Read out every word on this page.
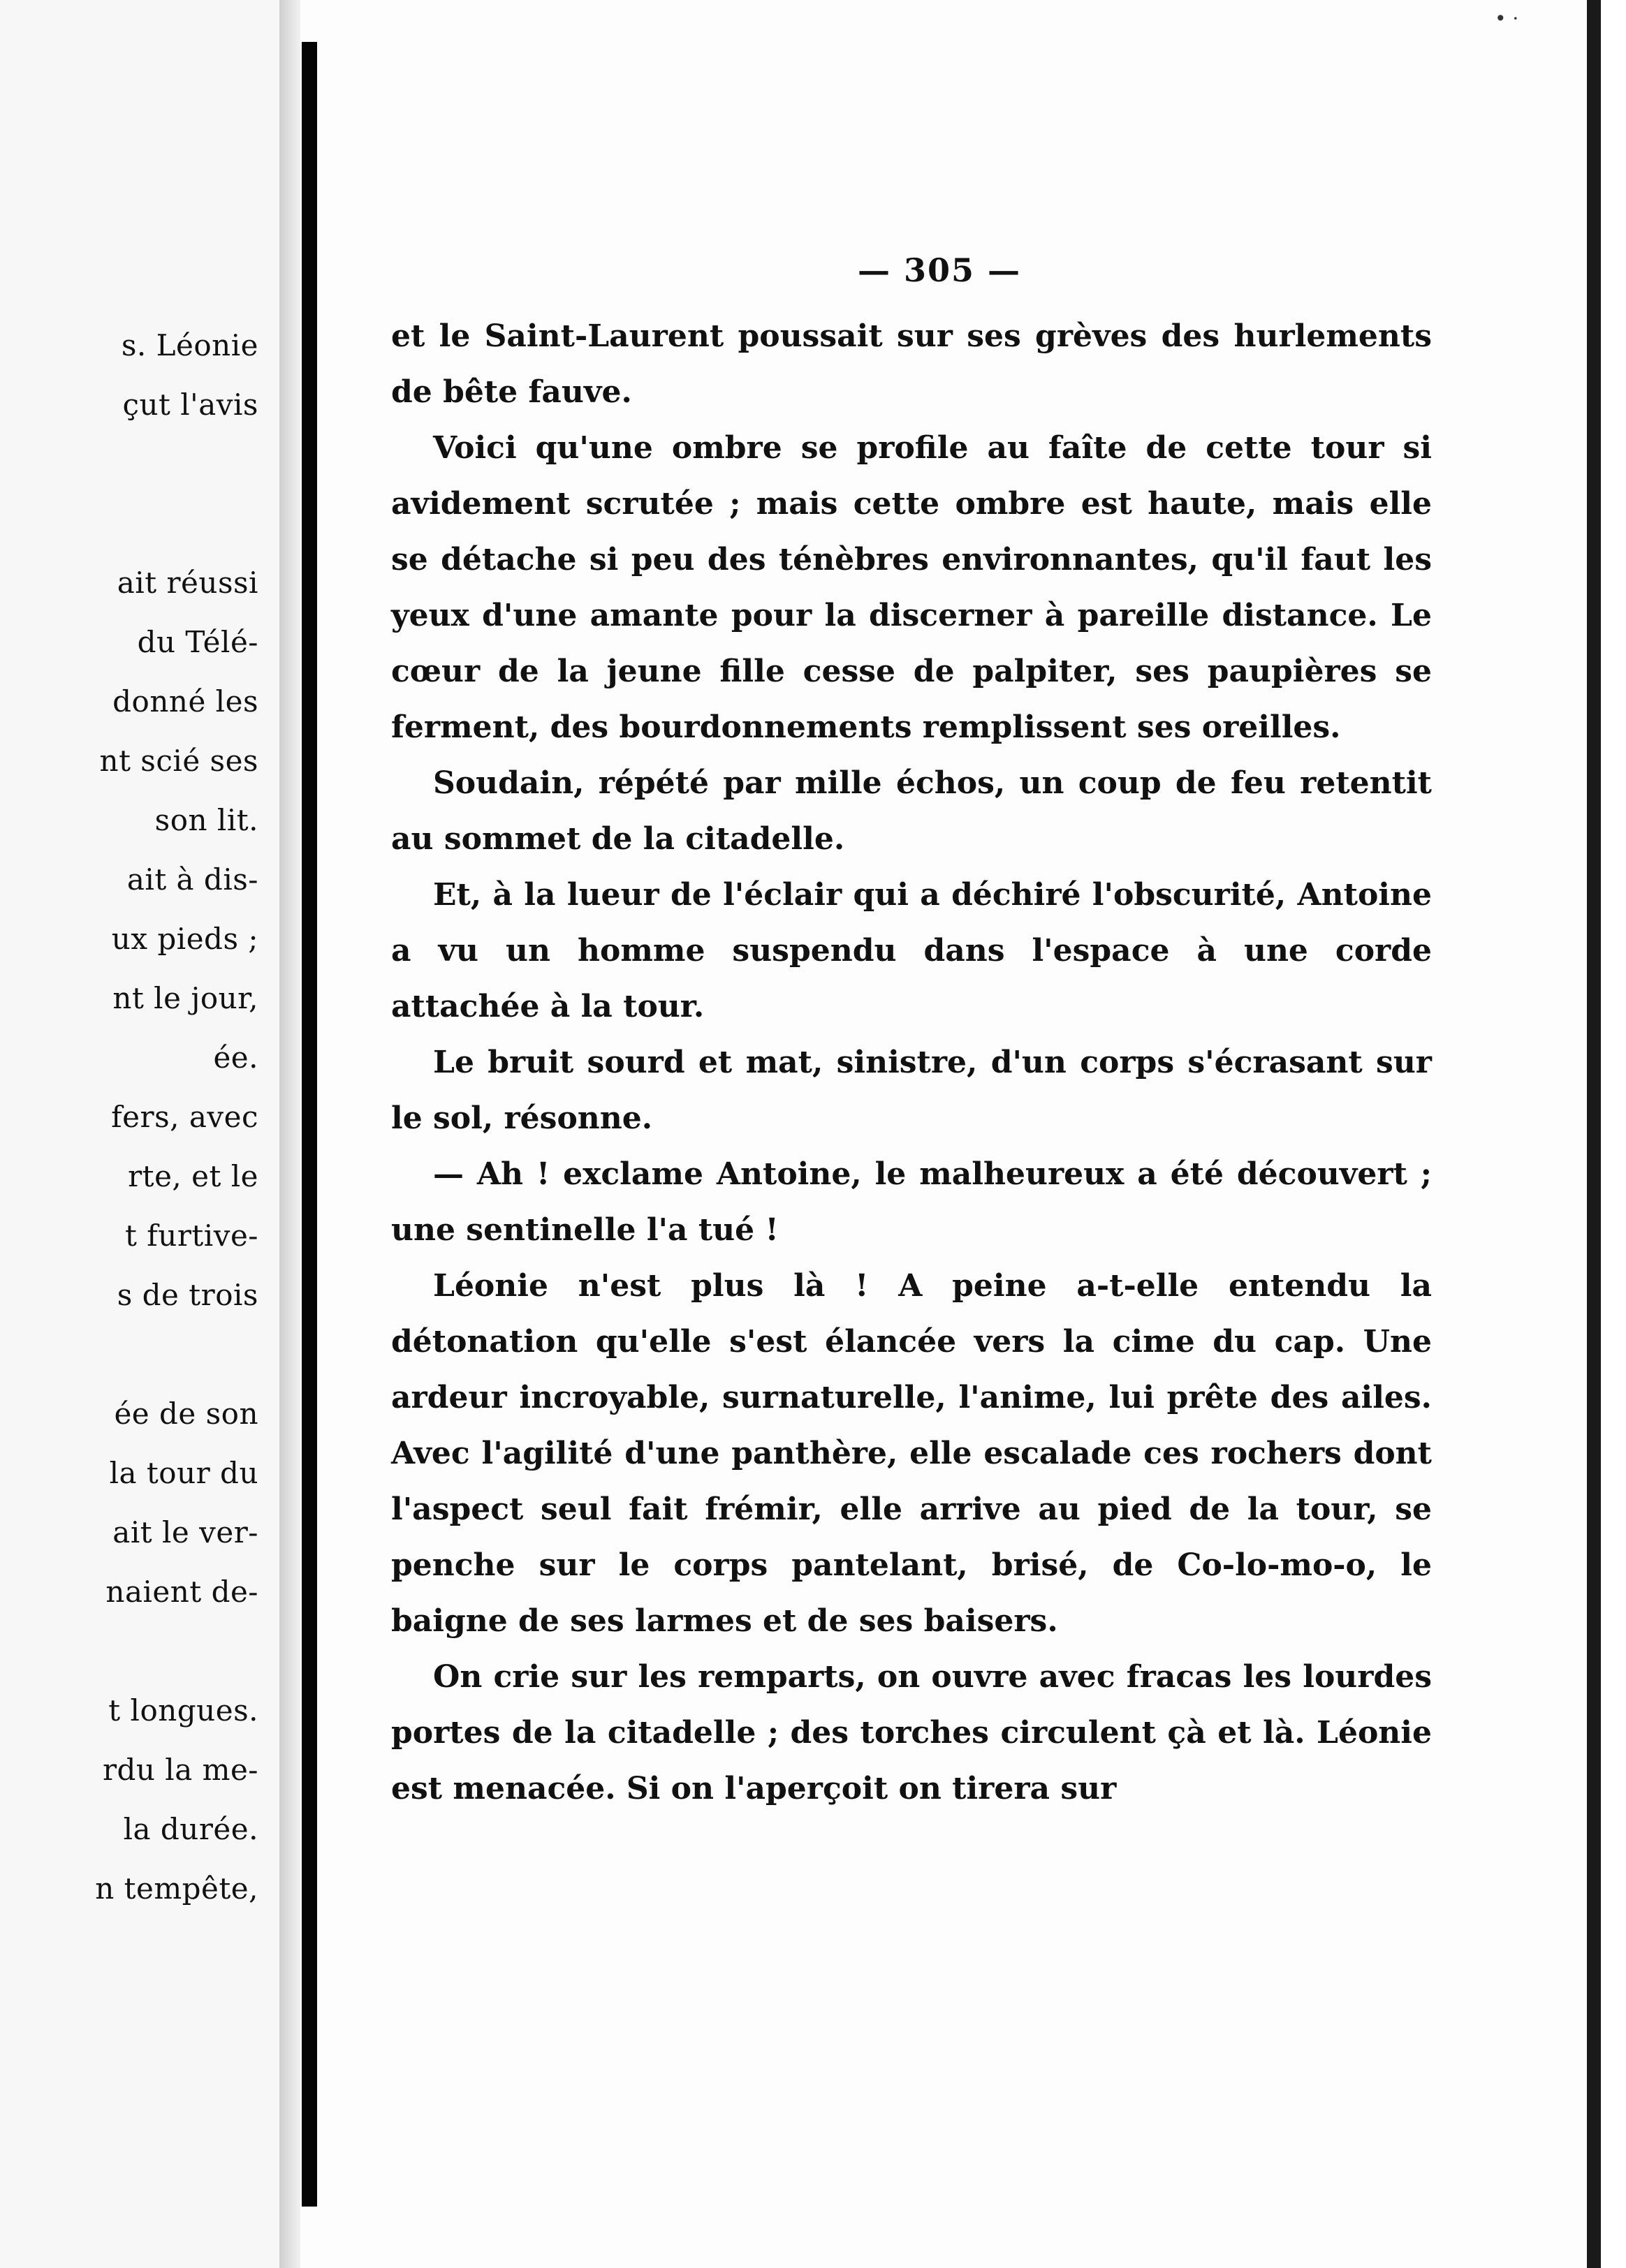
s. Léonie
çut l'avis
ait réussi
du Télé-
donné les
nt scié ses
son lit.
ait à dis-
ux pieds ;
nt le jour,
ée.
fers, avec
rte, et le
t furtive-
s de trois
ée de son
la tour du
ait le ver-
naient de-
t longues.
rdu la me-
la durée.
n tempête,
• ·
— 305 —

et le Saint-Laurent poussait sur ses grèves des hurlements de bête fauve.

Voici qu'une ombre se profile au faîte de cette tour si avidement scrutée ; mais cette ombre est haute, mais elle se détache si peu des ténèbres environnantes, qu'il faut les yeux d'une amante pour la discerner à pareille distance. Le cœur de la jeune fille cesse de palpiter, ses paupières se ferment, des bourdonnements remplissent ses oreilles.

Soudain, répété par mille échos, un coup de feu retentit au sommet de la citadelle.

Et, à la lueur de l'éclair qui a déchiré l'obscurité, Antoine a vu un homme suspendu dans l'espace à une corde attachée à la tour.

Le bruit sourd et mat, sinistre, d'un corps s'écrasant sur le sol, résonne.

— Ah ! exclame Antoine, le malheureux a été découvert ; une sentinelle l'a tué !

Léonie n'est plus là ! A peine a-t-elle entendu la détonation qu'elle s'est élancée vers la cime du cap. Une ardeur incroyable, surnaturelle, l'anime, lui prête des ailes. Avec l'agilité d'une panthère, elle escalade ces rochers dont l'aspect seul fait frémir, elle arrive au pied de la tour, se penche sur le corps pantelant, brisé, de Co-lo-mo-o, le baigne de ses larmes et de ses baisers.

On crie sur les remparts, on ouvre avec fracas les lourdes portes de la citadelle ; des torches circulent çà et là. Léonie est menacée. Si on l'aperçoit on tirera sur
